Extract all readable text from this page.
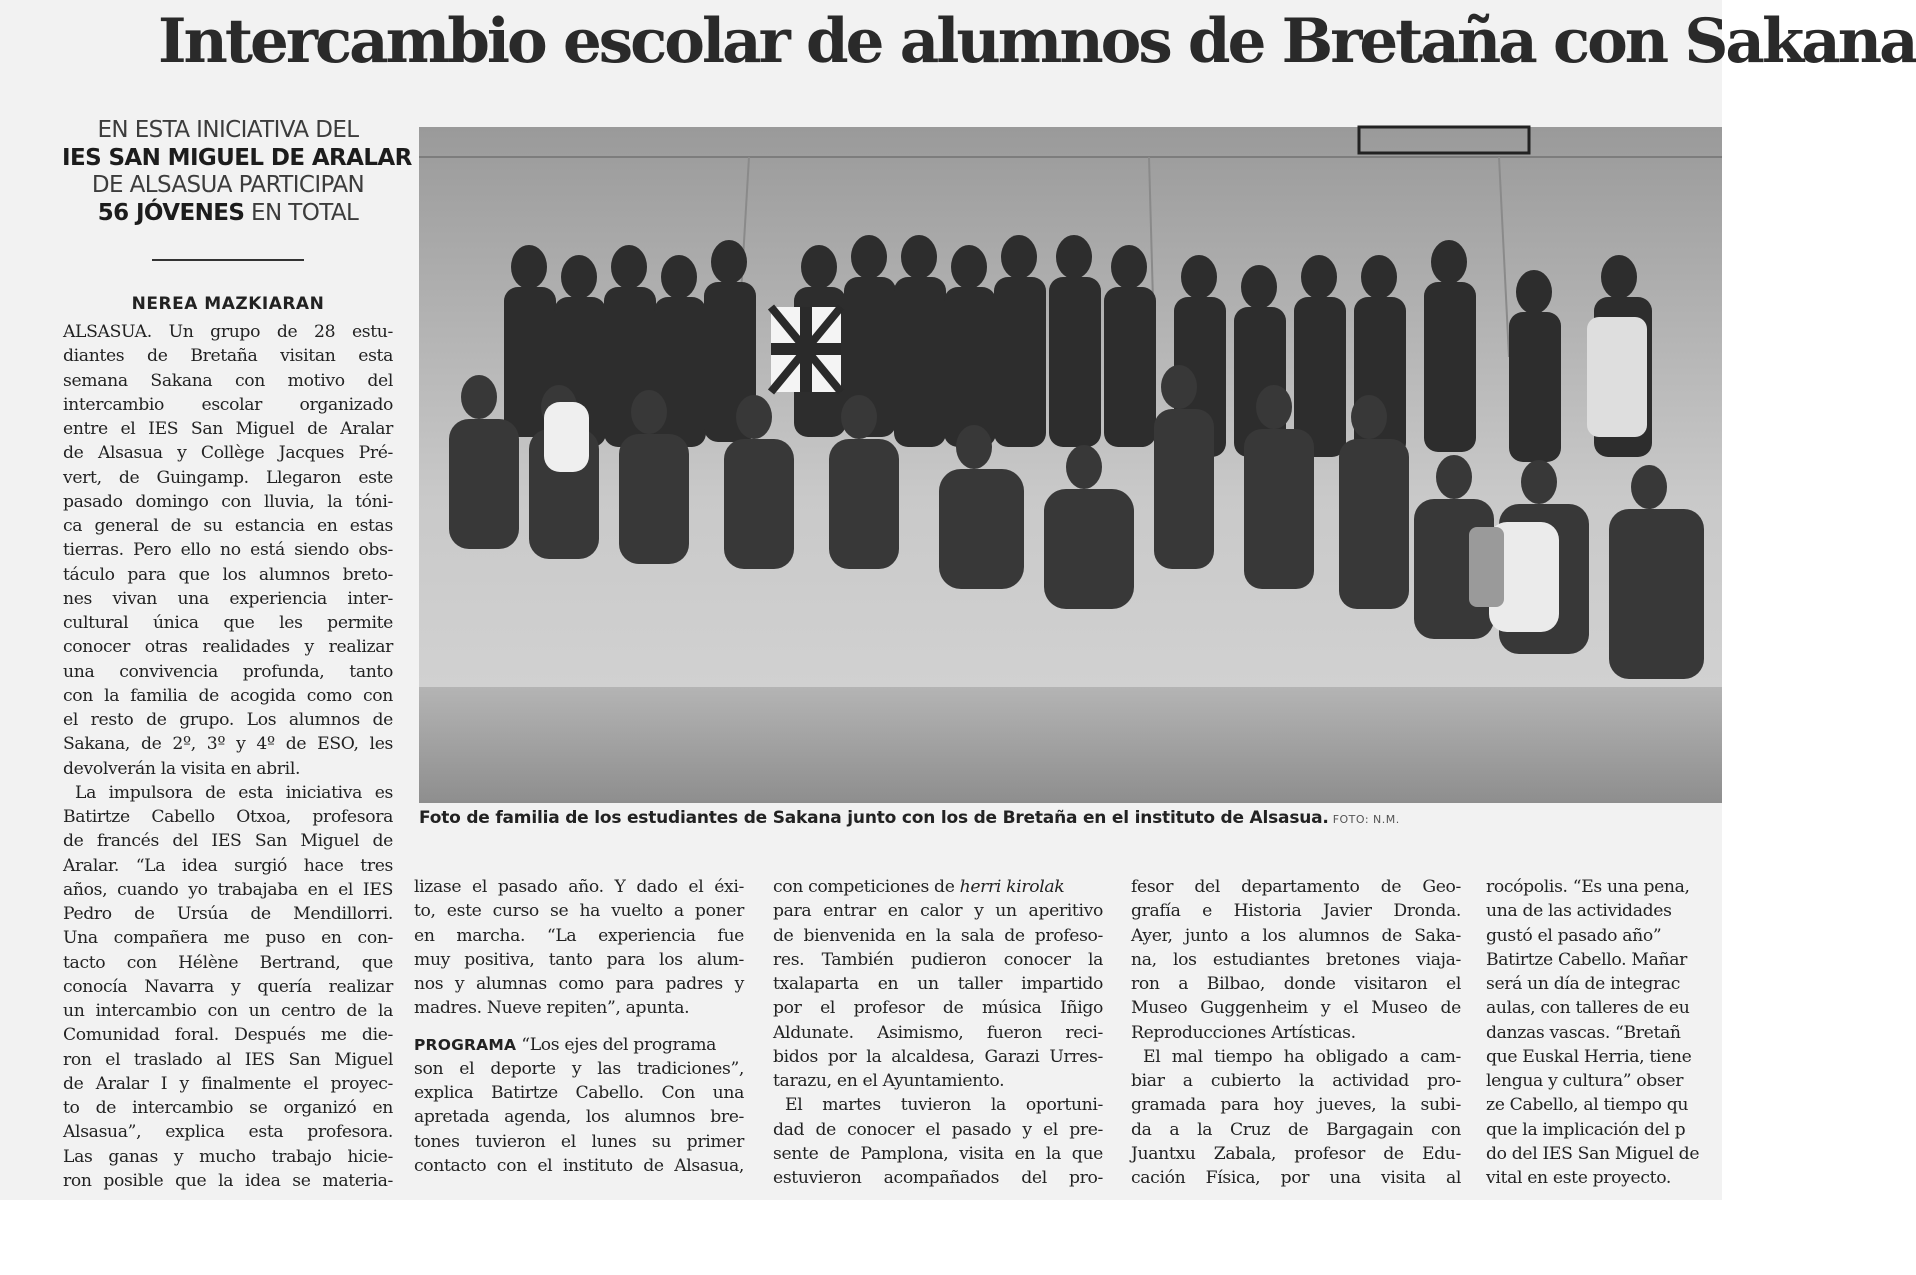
Intercambio escolar de alumnos de Bretaña con Sakana
EN ESTA INICIATIVA DEL
IES SAN MIGUEL DE ARALAR
DE ALSASUA PARTICIPAN
56 JÓVENES EN TOTAL
NEREA MAZKIARAN
Foto de familia de los estudiantes de Sakana junto con los de Bretaña en el instituto de Alsasua. FOTO: N.M.
ALSASUA. Un grupo de 28 estu-
diantes de Bretaña visitan esta
semana Sakana con motivo del
intercambio escolar organizado
entre el IES San Miguel de Aralar
de Alsasua y Collège Jacques Pré-
vert, de Guingamp. Llegaron este
pasado domingo con lluvia, la tóni-
ca general de su estancia en estas
tierras. Pero ello no está siendo obs-
táculo para que los alumnos breto-
nes vivan una experiencia inter-
cultural única que les permite
conocer otras realidades y realizar
una convivencia profunda, tanto
con la familia de acogida como con
el resto de grupo. Los alumnos de
Sakana, de 2º, 3º y 4º de ESO, les
devolverán la visita en abril.
La impulsora de esta iniciativa es
Batirtze Cabello Otxoa, profesora
de francés del IES San Miguel de
Aralar. “La idea surgió hace tres
años, cuando yo trabajaba en el IES
Pedro de Ursúa de Mendillorri.
Una compañera me puso en con-
tacto con Hélène Bertrand, que
conocía Navarra y quería realizar
un intercambio con un centro de la
Comunidad foral. Después me die-
ron el traslado al IES San Miguel
de Aralar I y finalmente el proyec-
to de intercambio se organizó en
Alsasua”, explica esta profesora.
Las ganas y mucho trabajo hicie-
ron posible que la idea se materia-
lizase el pasado año. Y dado el éxi-
to, este curso se ha vuelto a poner
en marcha. “La experiencia fue
muy positiva, tanto para los alum-
nos y alumnas como para padres y
madres. Nueve repiten”, apunta.
PROGRAMA “Los ejes del programa
son el deporte y las tradiciones”,
explica Batirtze Cabello. Con una
apretada agenda, los alumnos bre-
tones tuvieron el lunes su primer
contacto con el instituto de Alsasua,
con competiciones de herri kirolak
para entrar en calor y un aperitivo
de bienvenida en la sala de profeso-
res. También pudieron conocer la
txalaparta en un taller impartido
por el profesor de música Iñigo
Aldunate. Asimismo, fueron reci-
bidos por la alcaldesa, Garazi Urres-
tarazu, en el Ayuntamiento.
El martes tuvieron la oportuni-
dad de conocer el pasado y el pre-
sente de Pamplona, visita en la que
estuvieron acompañados del pro-
fesor del departamento de Geo-
grafía e Historia Javier Dronda.
Ayer, junto a los alumnos de Saka-
na, los estudiantes bretones viaja-
ron a Bilbao, donde visitaron el
Museo Guggenheim y el Museo de
Reproducciones Artísticas.
El mal tiempo ha obligado a cam-
biar a cubierto la actividad pro-
gramada para hoy jueves, la subi-
da a la Cruz de Bargagain con
Juantxu Zabala, profesor de Edu-
cación Física, por una visita al
rocópolis. “Es una pena,
una de las actividades
gustó el pasado año”
Batirtze Cabello. Mañar
será un día de integrac
aulas, con talleres de eu
danzas vascas. “Bretañ
que Euskal Herria, tiene
lengua y cultura” obser
ze Cabello, al tiempo qu
que la implicación del p
do del IES San Miguel de
vital en este proyecto.
